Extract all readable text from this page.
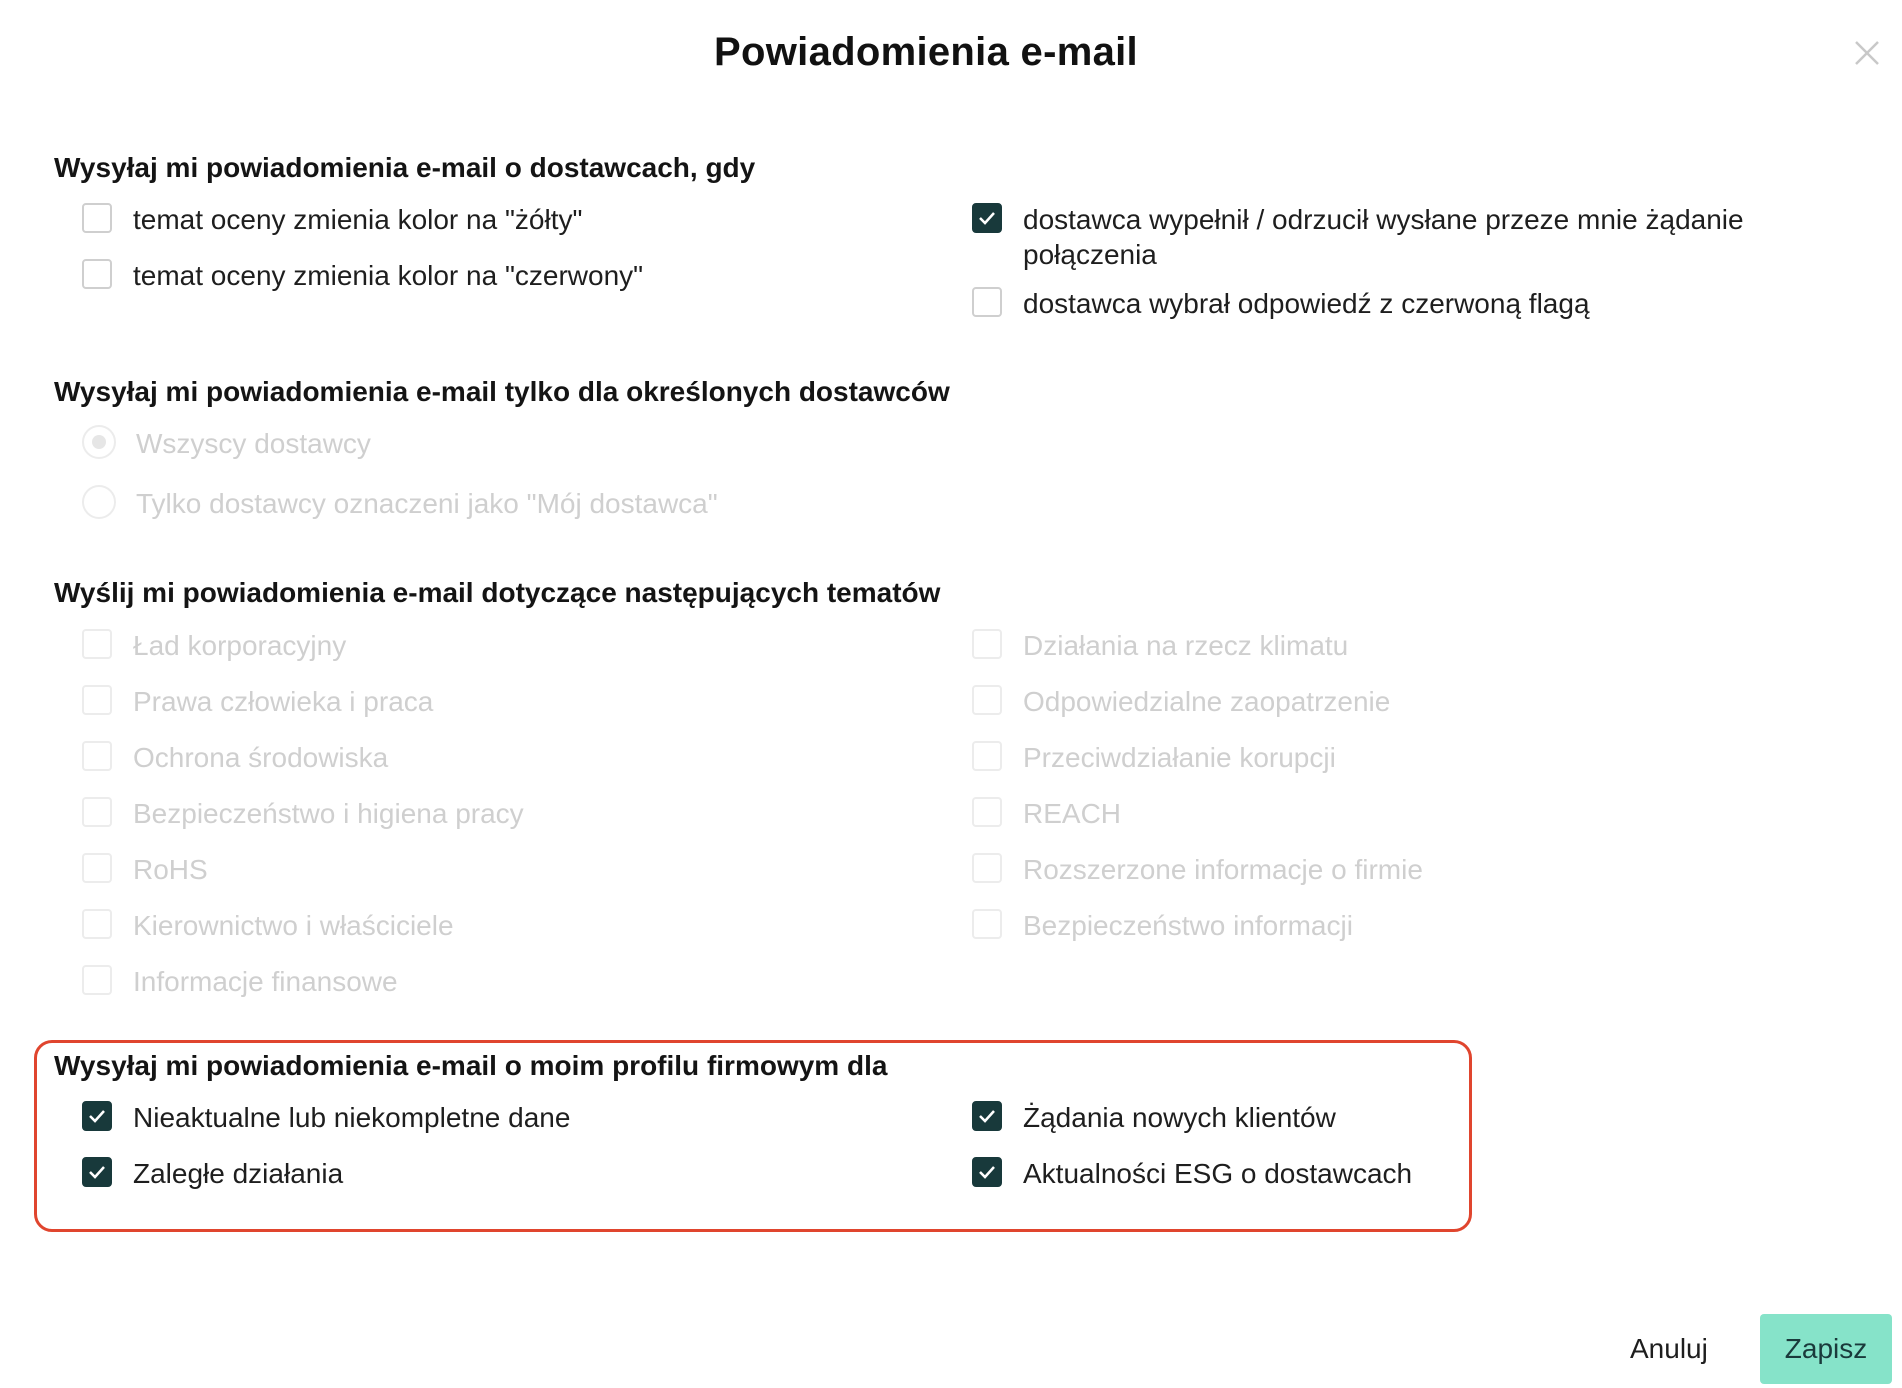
Powiadomienia e-mail
Wysyłaj mi powiadomienia e-mail o dostawcach, gdy
temat oceny zmienia kolor na "żółty"
temat oceny zmienia kolor na "czerwony"
dostawca wypełnił / odrzucił wysłane przeze mnie żądanie połączenia
dostawca wybrał odpowiedź z czerwoną flagą
Wysyłaj mi powiadomienia e-mail tylko dla określonych dostawców
Wszyscy dostawcy
Tylko dostawcy oznaczeni jako "Mój dostawca"
Wyślij mi powiadomienia e-mail dotyczące następujących tematów
Ład korporacyjny
Prawa człowieka i praca
Ochrona środowiska
Bezpieczeństwo i higiena pracy
RoHS
Kierownictwo i właściciele
Informacje finansowe
Działania na rzecz klimatu
Odpowiedzialne zaopatrzenie
Przeciwdziałanie korupcji
REACH
Rozszerzone informacje o firmie
Bezpieczeństwo informacji
Wysyłaj mi powiadomienia e-mail o moim profilu firmowym dla
Nieaktualne lub niekompletne dane
Zaległe działania
Żądania nowych klientów
Aktualności ESG o dostawcach
Anuluj	Zapisz
